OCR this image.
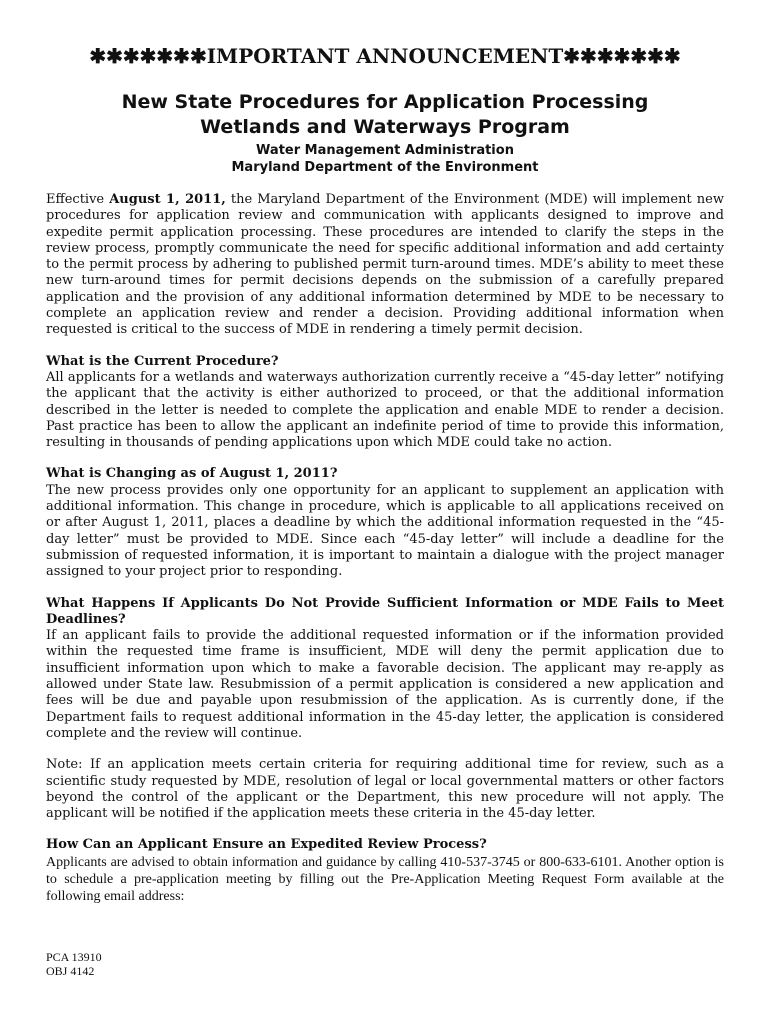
✱✱✱✱✱✱✱IMPORTANT ANNOUNCEMENT✱✱✱✱✱✱✱
New State Procedures for Application Processing
Wetlands and Waterways Program
Water Management Administration
Maryland Department of the Environment

Effective August 1, 2011, the Maryland Department of the Environment (MDE) will implement new procedures for application review and communication with applicants designed to improve and expedite permit application processing. These procedures are intended to clarify the steps in the review process, promptly communicate the need for specific additional information and add certainty to the permit process by adhering to published permit turn-around times. MDE’s ability to meet these new turn-around times for permit decisions depends on the submission of a carefully prepared application and the provision of any additional information determined by MDE to be necessary to complete an application review and render a decision. Providing additional information when requested is critical to the success of MDE in rendering a timely permit decision.

What is the Current Procedure?

All applicants for a wetlands and waterways authorization currently receive a “45-day letter” notifying the applicant that the activity is either authorized to proceed, or that the additional information described in the letter is needed to complete the application and enable MDE to render a decision. Past practice has been to allow the applicant an indefinite period of time to provide this information, resulting in thousands of pending applications upon which MDE could take no action.

What is Changing as of August 1, 2011?

The new process provides only one opportunity for an applicant to supplement an application with additional information. This change in procedure, which is applicable to all applications received on or after August 1, 2011, places a deadline by which the additional information requested in the “45-day letter” must be provided to MDE. Since each “45-day letter” will include a deadline for the submission of requested information, it is important to maintain a dialogue with the project manager assigned to your project prior to responding.

What Happens If Applicants Do Not Provide Sufficient Information or MDE Fails to Meet Deadlines?

If an applicant fails to provide the additional requested information or if the information provided within the requested time frame is insufficient, MDE will deny the permit application due to insufficient information upon which to make a favorable decision. The applicant may re-apply as allowed under State law. Resubmission of a permit application is considered a new application and fees will be due and payable upon resubmission of the application. As is currently done, if the Department fails to request additional information in the 45-day letter, the application is considered complete and the review will continue.

Note: If an application meets certain criteria for requiring additional time for review, such as a scientific study requested by MDE, resolution of legal or local governmental matters or other factors beyond the control of the applicant or the Department, this new procedure will not apply. The applicant will be notified if the application meets these criteria in the 45-day letter.

How Can an Applicant Ensure an Expedited Review Process?

Applicants are advised to obtain information and guidance by calling 410-537-3745 or 800-633-6101. Another option is to schedule a pre-application meeting by filling out the Pre-Application Meeting Request Form available at the following email address:

PCA 13910
OBJ 4142
